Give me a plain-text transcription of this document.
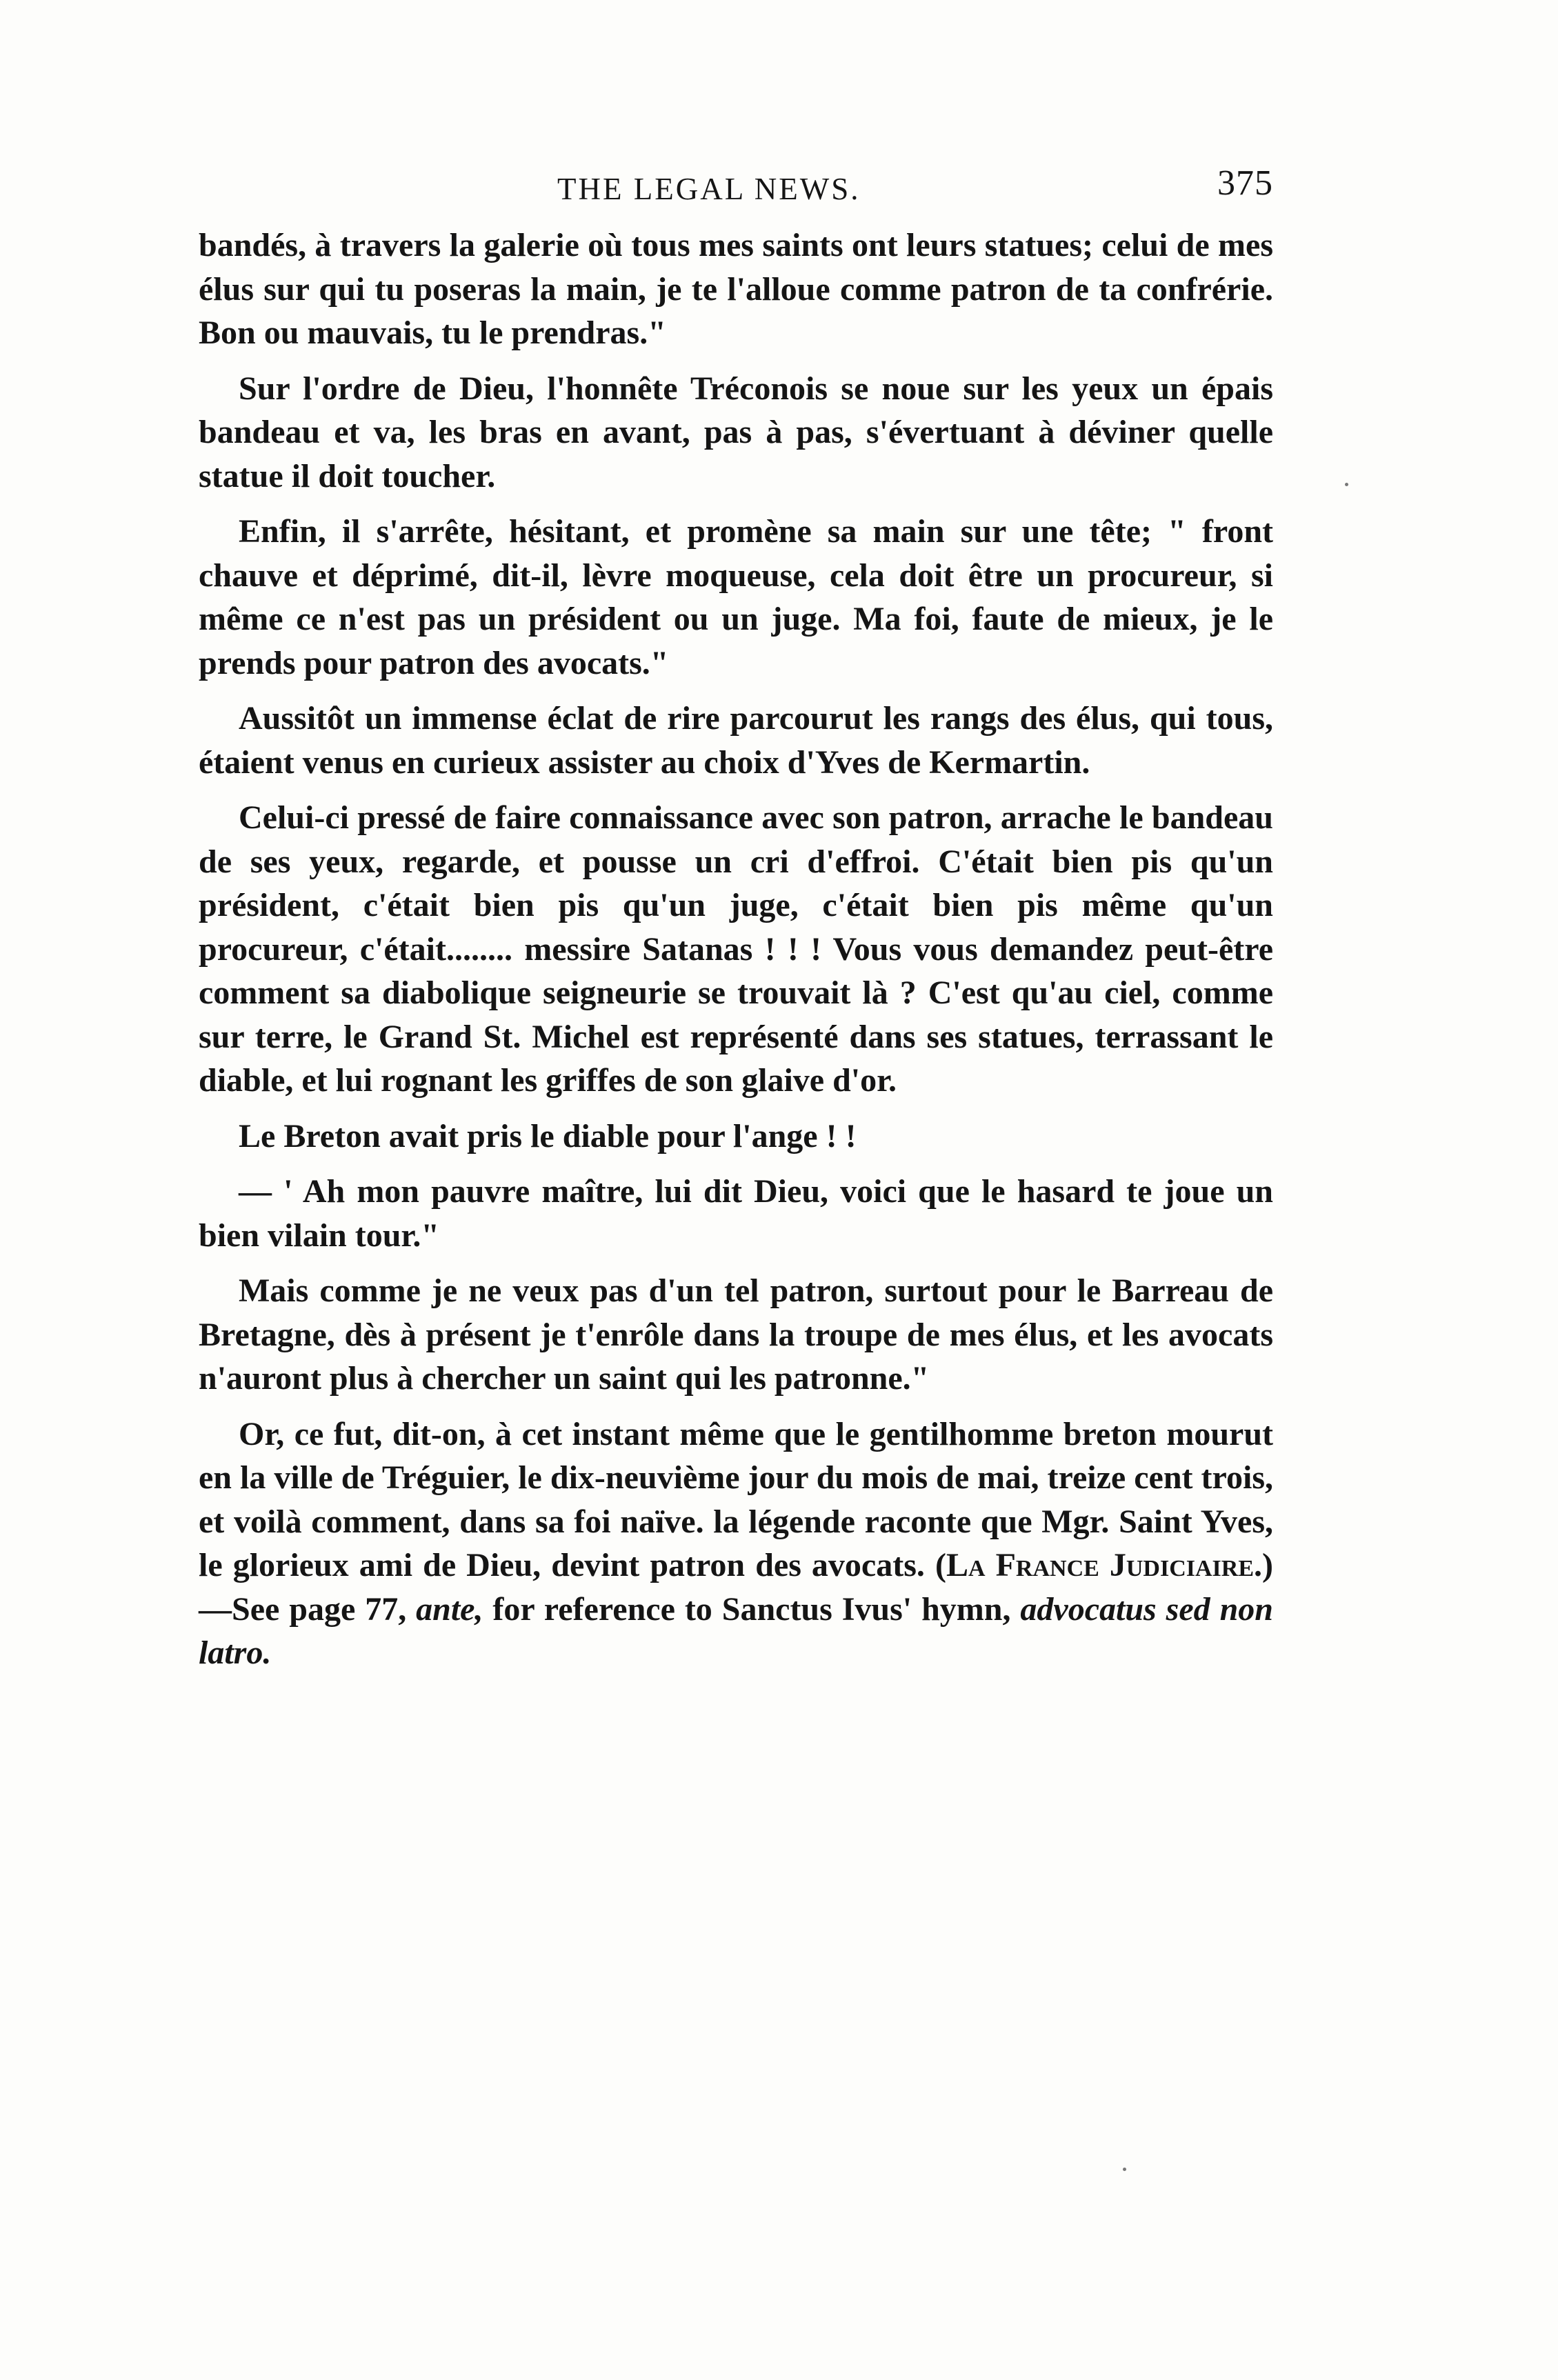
THE LEGAL NEWS.	375

bandés, à travers la galerie où tous mes saints ont leurs statues; celui de mes élus sur qui tu poseras la main, je te l'alloue comme patron de ta confrérie. Bon ou mauvais, tu le prendras."

Sur l'ordre de Dieu, l'honnête Tréconois se noue sur les yeux un épais bandeau et va, les bras en avant, pas à pas, s'évertuant à déviner quelle statue il doit toucher.

Enfin, il s'arrête, hésitant, et promène sa main sur une tête; " front chauve et déprimé, dit-il, lèvre moqueuse, cela doit être un procureur, si même ce n'est pas un président ou un juge. Ma foi, faute de mieux, je le prends pour patron des avocats."

Aussitôt un immense éclat de rire parcourut les rangs des élus, qui tous, étaient venus en curieux assister au choix d'Yves de Kermartin.

Celui-ci pressé de faire connaissance avec son patron, arrache le bandeau de ses yeux, regarde, et pousse un cri d'effroi. C'était bien pis qu'un président, c'était bien pis qu'un juge, c'était bien pis même qu'un procureur, c'était........ messire Satanas ! ! ! Vous vous demandez peut-être comment sa diabolique seigneurie se trouvait là ? C'est qu'au ciel, comme sur terre, le Grand St. Michel est représenté dans ses statues, terrassant le diable, et lui rognant les griffes de son glaive d'or.

Le Breton avait pris le diable pour l'ange ! !

— ' Ah mon pauvre maître, lui dit Dieu, voici que le hasard te joue un bien vilain tour."

Mais comme je ne veux pas d'un tel patron, surtout pour le Barreau de Bretagne, dès à présent je t'enrôle dans la troupe de mes élus, et les avocats n'auront plus à chercher un saint qui les patronne."

Or, ce fut, dit-on, à cet instant même que le gentilhomme breton mourut en la ville de Tréguier, le dix-neuvième jour du mois de mai, treize cent trois, et voilà comment, dans sa foi naïve. la légende raconte que Mgr. Saint Yves, le glorieux ami de Dieu, devint patron des avocats. (La France Judiciaire.)—See page 77, ante, for reference to Sanctus Ivus' hymn, advocatus sed non latro.
